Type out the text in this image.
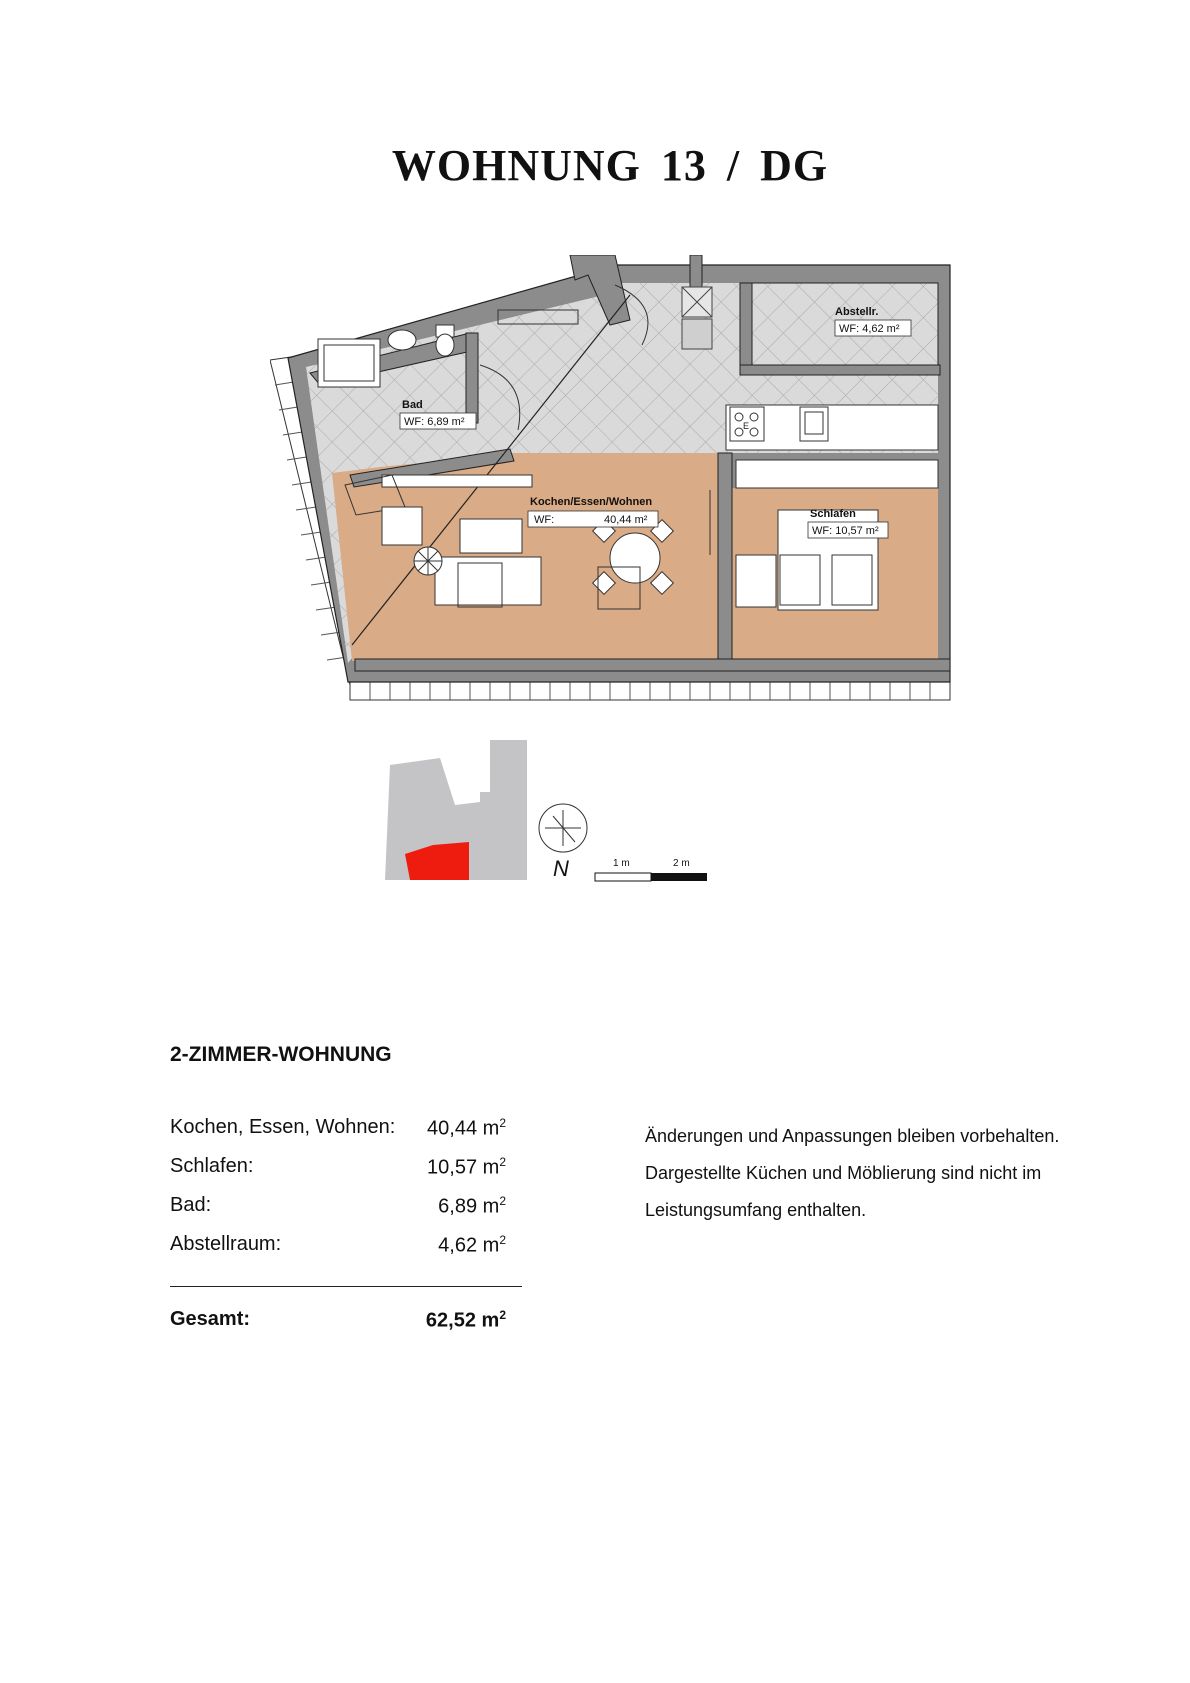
WOHNUNG 13 / DG
E
Bad
WF: 6,89 m²
Kochen/Essen/Wohnen
WF:	40,44 m²	Schlafen
WF: 10,57 m²
Abstellr.
WF: 4,62 m²
N	1 m	2 m
2-ZIMMER-WOHNUNG
Kochen, Essen, Wohnen: 40,44 $m^2$
Schlafen:	10,57 $m^2$
Bad:	6,89 $m^2$
Abstellraum:	4,62 $m^2$
Gesamt:	62,52 $m^2$
Änderungen und Anpassungen bleiben vorbehalten.
Dargestellte Küchen und Möblierung sind nicht im
Leistungsumfang enthalten.
